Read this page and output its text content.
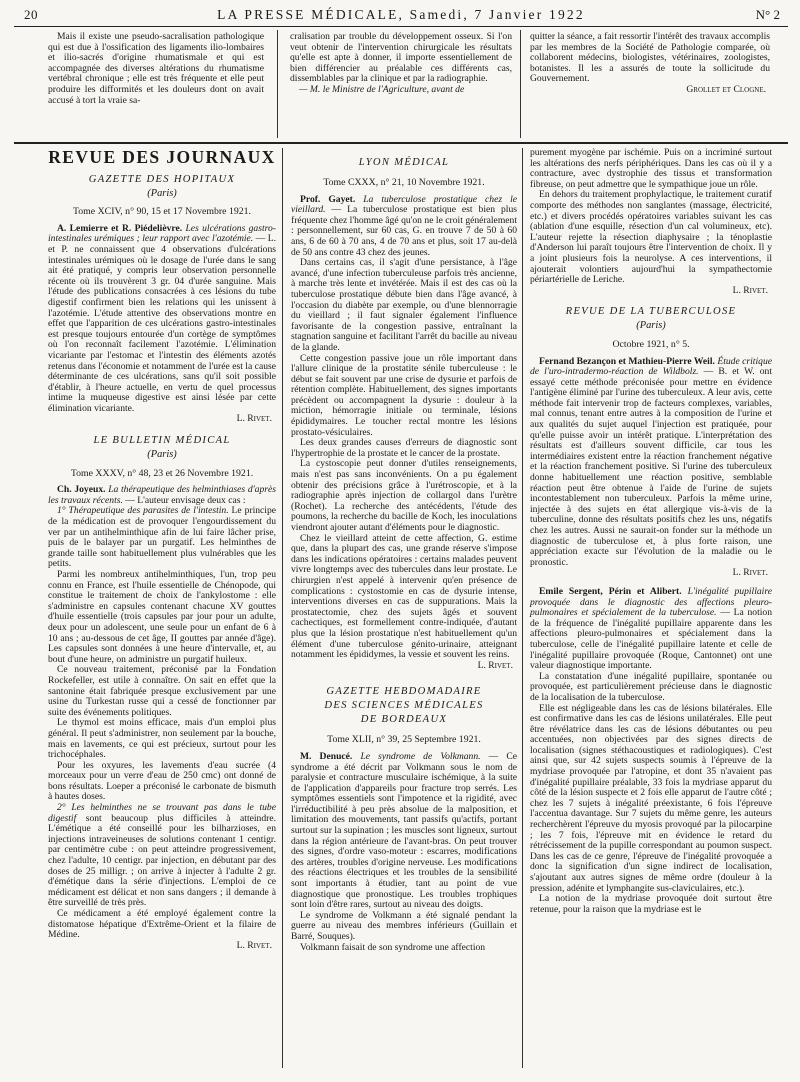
20	LA PRESSE MÉDICALE, Samedi, 7 Janvier 1922	N° 2

Mais il existe une pseudo-sacralisation pathologique qui est due à l'ossification des ligaments ilio-lombaires et ilio-sacrés d'origine rhumatismale et qui est accompagnée des diverses altérations du rhumatisme vertébral chronique ; elle est très fréquente et elle peut produire les difformités et les douleurs dont on avait accusé à tort la vraie sa-

cralisation par trouble du développement osseux. Si l'on veut obtenir de l'intervention chirurgicale les résultats qu'elle est apte à donner, il importe essentiellement de bien différencier au préalable ces différents cas, dissemblables par la clinique et par la radiographie.

— M. le Ministre de l'Agriculture, avant de

quitter la séance, a fait ressortir l'intérêt des travaux accomplis par les membres de la Société de Pathologie comparée, où collaborent médecins, biologistes, vétérinaires, zoologistes, botanistes. Il les a assurés de toute la sollicitude du Gouvernement.

Grollet et Clogne.
REVUE DES JOURNAUX
GAZETTE DES HOPITAUX
(Paris)
Tome XCIV, n° 90, 15 et 17 Novembre 1921.

A. Lemierre et R. Piédelièvre. Les ulcérations gastro-intestinales urémiques ; leur rapport avec l'azotémie. — L. et P. ne connaissent que 4 observations d'ulcérations intestinales urémiques où le dosage de l'urée dans le sang ait été pratiqué, y compris leur observation personnelle récente où ils trouvèrent 3 gr. 04 d'urée sanguine. Mais l'étude des publications consacrées à ces lésions du tube digestif confirment bien les relations qui les unissent à l'azotémie. L'étude attentive des observations montre en effet que l'apparition de ces ulcérations gastro-intestinales est presque toujours entourée d'un cortège de symptômes où l'on reconnaît facilement l'azotémie. L'élimination vicariante par l'estomac et l'intestin des éléments azotés retenus dans l'économie et notamment de l'urée est la cause déterminante de ces ulcérations, sans qu'il soit possible d'établir, à l'heure actuelle, en vertu de quel processus intime la muqueuse digestive est ainsi lésée par cette élimination vicariante.

L. Rivet.
LE BULLETIN MÉDICAL
(Paris)
Tome XXXV, n° 48, 23 et 26 Novembre 1921.

Ch. Joyeux. La thérapeutique des helminthiases d'après les travaux récents. — L'auteur envisage deux cas :

1° Thérapeutique des parasites de l'intestin. Le principe de la médication est de provoquer l'engourdissement du ver par un antihelminthique afin de lui faire lâcher prise, puis de le balayer par un purgatif. Les helminthes de grande taille sont habituellement plus vulnérables que les petits.

Parmi les nombreux antihelminthiques, l'un, trop peu connu en France, est l'huile essentielle de Chénopode, qui constitue le traitement de choix de l'ankylostome : elle s'administre en capsules contenant chacune XV gouttes d'huile essentielle (trois capsules par jour pour un adulte, deux pour un adolescent, une seule pour un enfant de 6 à 10 ans ; au-dessous de cet âge, II gouttes par année d'âge). Les capsules sont données à une heure d'intervalle, et, au bout d'une heure, on administre un purgatif huileux.

Ce nouveau traitement, préconisé par la Fondation Rockefeller, est utile à connaître. On sait en effet que la santonine était fabriquée presque exclusivement par une usine du Turkestan russe qui a cessé de fonctionner par suite des événements politiques.

Le thymol est moins efficace, mais d'un emploi plus général. Il peut s'administrer, non seulement par la bouche, mais en lavements, ce qui est précieux, surtout pour les trichocéphales.

Pour les oxyures, les lavements d'eau sucrée (4 morceaux pour un verre d'eau de 250 cmc) ont donné de bons résultats. Loeper a préconisé le carbonate de bismuth à hautes doses.

2° Les helminthes ne se trouvant pas dans le tube digestif sont beaucoup plus difficiles à atteindre. L'émétique a été conseillé pour les bilharzioses, en injections intraveineuses de solutions contenant 1 centigr. par centimètre cube : on peut atteindre progressivement, chez l'adulte, 10 centigr. par injection, en débutant par des doses de 25 milligr. ; on arrive à injecter à l'adulte 2 gr. d'émétique dans la série d'injections. L'emploi de ce médicament est délicat et non sans dangers ; il demande à être surveillé de très près.

Ce médicament a été employé également contre la distomatose hépatique d'Extrême-Orient et la filaire de Médine.

L. Rivet.
LYON MÉDICAL
Tome CXXX, n° 21, 10 Novembre 1921.

Prof. Gayet. La tuberculose prostatique chez le vieillard. — La tuberculose prostatique est bien plus fréquente chez l'homme âgé qu'on ne le croit généralement : personnellement, sur 60 cas, G. en trouve 7 de 50 à 60 ans, 6 de 60 à 70 ans, 4 de 70 ans et plus, soit 17 au-delà de 50 ans contre 43 chez des jeunes.

Dans certains cas, il s'agit d'une persistance, à l'âge avancé, d'une infection tuberculeuse parfois très ancienne, à marche très lente et invétérée. Mais il est des cas où la tuberculose prostatique débute bien dans l'âge avancé, à l'occasion du diabète par exemple, ou d'une blennorragie du vieillard ; il faut signaler également l'influence favorisante de la congestion passive, entraînant la stagnation sanguine et facilitant l'arrêt du bacille au niveau de la glande.

Cette congestion passive joue un rôle important dans l'allure clinique de la prostatite sénile tuberculeuse : le début se fait souvent par une crise de dysurie et parfois de rétention complète. Habituellement, des signes importants précèdent ou accompagnent la dysurie : douleur à la miction, hémorragie initiale ou terminale, lésions épididymaires. Le toucher rectal montre les lésions prostato-vésiculaires.

Les deux grandes causes d'erreurs de diagnostic sont l'hypertrophie de la prostate et le cancer de la prostate.

La cystoscopie peut donner d'utiles renseignements, mais n'est pas sans inconvénients. On a pu également obtenir des précisions grâce à l'urétroscopie, et à la radiographie après injection de collargol dans l'urètre (Rochet). La recherche des antécédents, l'étude des poumons, la recherche du bacille de Koch, les inoculations viendront ajouter autant d'éléments pour le diagnostic.

Chez le vieillard atteint de cette affection, G. estime que, dans la plupart des cas, une grande réserve s'impose dans les indications opératoires : certains malades peuvent vivre longtemps avec des tubercules dans leur prostate. Le chirurgien n'est appelé à intervenir qu'en présence de complications : cystostomie en cas de dysurie intense, interventions diverses en cas de suppurations. Mais la prostatectomie, chez des sujets âgés et souvent cachectiques, est formellement contre-indiquée, d'autant plus que la lésion prostatique n'est habituellement qu'un élément d'une tuberculose génito-urinaire, atteignant notamment les épididymes, la vessie et souvent les reins.

L. Rivet.
GAZETTE HEBDOMADAIRE
DES SCIENCES MÉDICALES
DE BORDEAUX
Tome XLII, n° 39, 25 Septembre 1921.

M. Denucé. Le syndrome de Volkmann. — Ce syndrome a été décrit par Volkmann sous le nom de paralysie et contracture musculaire ischémique, à la suite de l'application d'appareils pour fracture trop serrés. Les symptômes essentiels sont l'impotence et la rigidité, avec l'irréductibilité à peu près absolue de la malposition, et limitation des mouvements, tant passifs qu'actifs, portant surtout sur la supination ; les muscles sont ligneux, surtout dans la région antérieure de l'avant-bras. On peut trouver des signes, d'ordre vaso-moteur : escarres, modifications des artères, troubles d'origine nerveuse. Les modifications des réactions électriques et les troubles de la sensibilité sont importants à étudier, tant au point de vue diagnostique que pronostique. Les troubles trophiques sont loin d'être rares, surtout au niveau des doigts.

Le syndrome de Volkmann a été signalé pendant la guerre au niveau des membres inférieurs (Guillain et Barré, Souques).

Volkmann faisait de son syndrome une affection

purement myogène par ischémie. Puis on a incriminé surtout les altérations des nerfs périphériques. Dans les cas où il y a contracture, avec dystrophie des tissus et transformation fibreuse, on peut admettre que le sympathique joue un rôle.

En dehors du traitement prophylactique, le traitement curatif comporte des méthodes non sanglantes (massage, électricité, etc.) et divers procédés opératoires variables suivant les cas (ablation d'une esquille, résection d'un cal volumineux, etc). L'auteur rejette la résection diaphysaire ; la ténoplastie d'Anderson lui paraît toujours être l'intervention de choix. Il y a joint plusieurs fois la neurolyse. A ces interventions, il ajouterait volontiers aujourd'hui la sympathectomie périartérielle de Leriche.

L. Rivet.
REVUE DE LA TUBERCULOSE
(Paris)
Octobre 1921, n° 5.

Fernand Bezançon et Mathieu-Pierre Weil. Étude critique de l'uro-intradermo-réaction de Wildbolz. — B. et W. ont essayé cette méthode préconisée pour mettre en évidence l'antigène éliminé par l'urine des tuberculeux. A leur avis, cette méthode fait intervenir trop de facteurs complexes, variables, mal connus, tenant entre autres à la composition de l'urine et aux qualités du sujet auquel l'injection est pratiquée, pour qu'elle puisse avoir un intérêt pratique. L'interprétation des résultats est d'ailleurs souvent difficile, car tous les intermédiaires existent entre la réaction franchement négative et la réaction franchement positive. Si l'urine des tuberculeux donne habituellement une réaction positive, semblable réaction peut être obtenue à l'aide de l'urine de sujets incontestablement non tuberculeux. Parfois la même urine, injectée à des sujets en état allergique vis-à-vis de la tuberculine, donne des résultats positifs chez les uns, négatifs chez les autres. Aussi ne saurait-on fonder sur la méthode un diagnostic de tuberculose et, à plus forte raison, une appréciation exacte sur l'évolution de la maladie ou le pronostic.

L. Rivet.

Emile Sergent, Périn et Alibert. L'inégalité pupillaire provoquée dans le diagnostic des affections pleuro-pulmonaires et spécialement de la tuberculose. — La notion de la fréquence de l'inégalité pupillaire apparente dans les affections pleuro-pulmonaires et spécialement dans la tuberculose, celle de l'inégalité pupillaire latente et celle de l'inégalité pupillaire provoquée (Roque, Cantonnet) ont une valeur diagnostique importante.

La constatation d'une inégalité pupillaire, spontanée ou provoquée, est particulièrement précieuse dans le diagnostic de la localisation de la tuberculose.

Elle est négligeable dans les cas de lésions bilatérales. Elle est confirmative dans les cas de lésions unilatérales. Elle peut être révélatrice dans les cas de lésions débutantes ou peu accentuées, non objectivées par des signes directs de localisation (signes stéthacoustiques et radiologiques). C'est ainsi que, sur 42 sujets suspects soumis à l'épreuve de la mydriase provoquée par l'atropine, et dont 35 n'avaient pas d'inégalité pupillaire préalable, 33 fois la mydriase apparut du côté de la lésion suspecte et 2 fois elle apparut de l'autre côté ; chez les 7 sujets à inégalité préexistante, 6 fois l'épreuve l'accentua davantage. Sur 7 sujets du même genre, les auteurs recherchèrent l'épreuve du myosis provoqué par la pilocarpine ; les 7 fois, l'épreuve mit en évidence le retard du rétrécissement de la pupille correspondant au poumon suspect. Dans les cas de ce genre, l'épreuve de l'inégalité provoquée a donc la signification d'un signe indirect de localisation, s'ajoutant aux autres signes de même ordre (douleur à la pression, adénite et lymphangite sus-claviculaires, etc.).

La notion de la mydriase provoquée doit surtout être retenue, pour la raison que la mydriase est le
